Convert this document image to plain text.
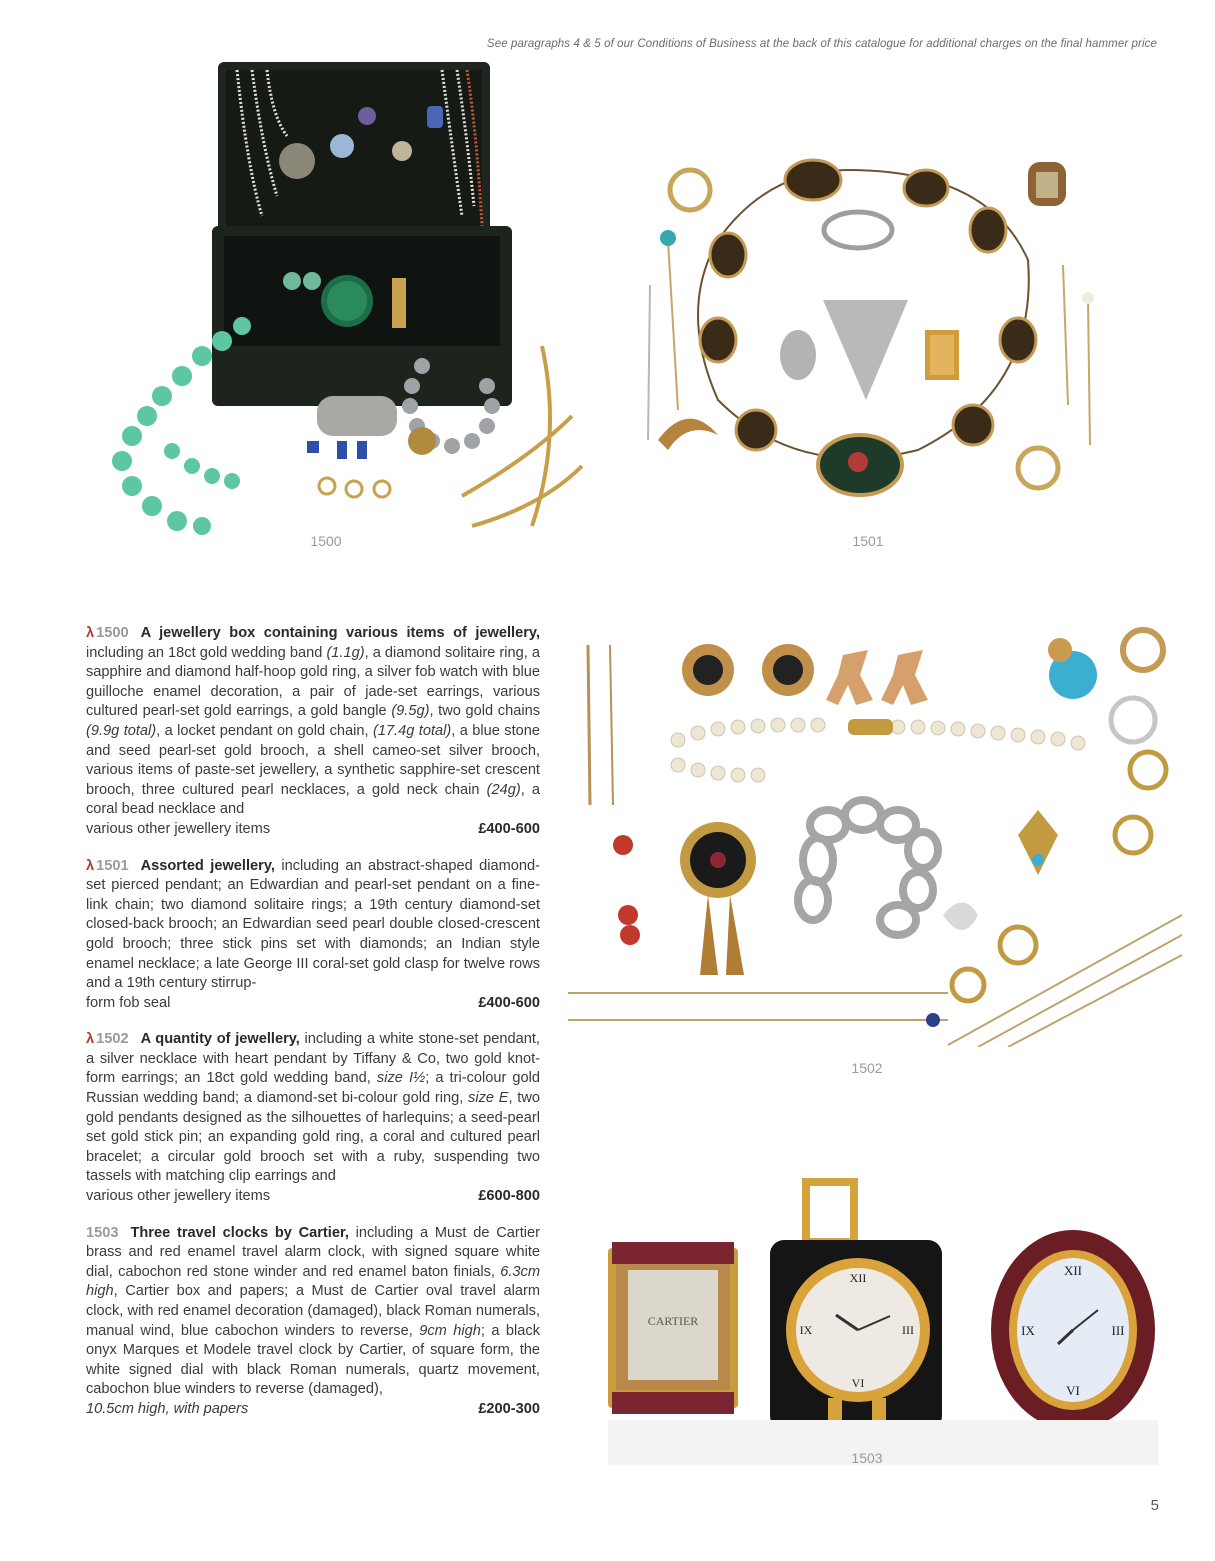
See paragraphs 4 & 5 of our Conditions of Business at the back of this catalogue for additional charges on the final hammer price
1500	1501
1502
CARTIER
XII
VI
III
IX
XII
VI
III
IX
1503
λ 1500 A jewellery box containing various items of jewellery, including an 18ct gold wedding band (1.1g), a diamond solitaire ring, a sapphire and diamond half-hoop gold ring, a silver fob watch with blue guilloche enamel decoration, a pair of jade-set earrings, various cultured pearl-set gold earrings, a gold bangle (9.5g), two gold chains (9.9g total), a locket pendant on gold chain, (17.4g total), a blue stone and seed pearl-set gold brooch, a shell cameo-set silver brooch, various items of paste-set jewellery, a synthetic sapphire-set crescent brooch, three cultured pearl necklaces, a gold neck chain (24g), a coral bead necklace and
various other jewellery items	£400-600
λ 1501 Assorted jewellery, including an abstract-shaped diamond-set pierced pendant; an Edwardian and pearl-set pendant on a fine-link chain; two diamond solitaire rings; a 19th century diamond-set closed-back brooch; an Edwardian seed pearl double closed-crescent gold brooch; three stick pins set with diamonds; an Indian style enamel necklace; a late George III coral-set gold clasp for twelve rows and a 19th century stirrup-
form fob seal	£400-600
λ 1502 A quantity of jewellery, including a white stone-set pendant, a silver necklace with heart pendant by Tiffany & Co, two gold knot-form earrings; an 18ct gold wedding band, size I½; a tri-colour gold Russian wedding band; a diamond-set bi-colour gold ring, size E, two gold pendants designed as the silhouettes of harlequins; a seed-pearl set gold stick pin; an expanding gold ring, a coral and cultured pearl bracelet; a circular gold brooch set with a ruby, suspending two tassels with matching clip earrings and
various other jewellery items	£600-800
1503 Three travel clocks by Cartier, including a Must de Cartier brass and red enamel travel alarm clock, with signed square white dial, cabochon red stone winder and red enamel baton finials, 6.3cm high, Cartier box and papers; a Must de Cartier oval travel alarm clock, with red enamel decoration (damaged), black Roman numerals, manual wind, blue cabochon winders to reverse, 9cm high; a black onyx Marques et Modele travel clock by Cartier, of square form, the white signed dial with black Roman numerals, quartz movement, cabochon blue winders to reverse (damaged),
10.5cm high, with papers	£200-300
5
